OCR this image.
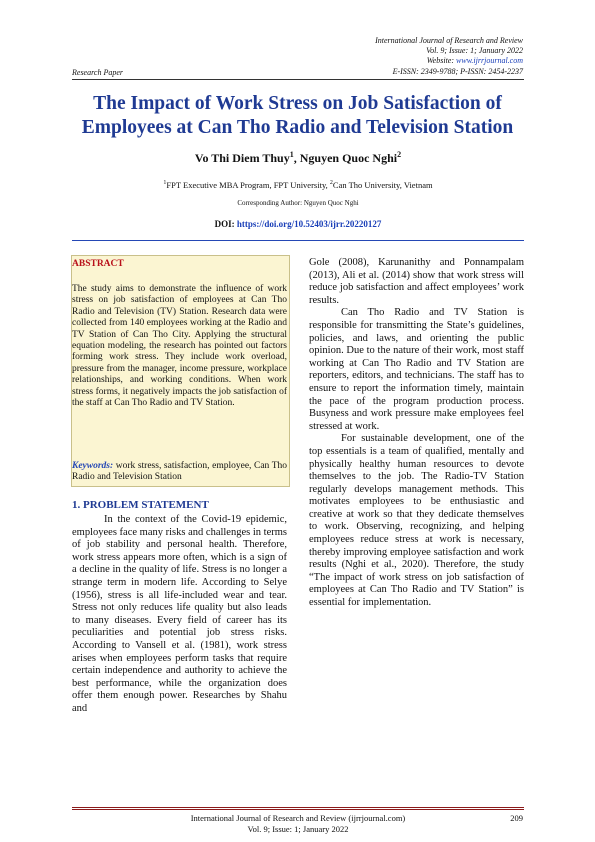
International Journal of Research and Review
Vol. 9; Issue: 1; January 2022
Website: www.ijrrjournal.com
E-ISSN: 2349-9788; P-ISSN: 2454-2237
Research Paper
The Impact of Work Stress on Job Satisfaction of Employees at Can Tho Radio and Television Station
Vo Thi Diem Thuy$^1$, Nguyen Quoc Nghi$^2$
$^1$FPT Executive MBA Program, FPT University, $^2$Can Tho University, Vietnam
Corresponding Author: Nguyen Quoc Nghi
DOI: https://doi.org/10.52403/ijrr.20220127
ABSTRACT
The study aims to demonstrate the influence of work stress on job satisfaction of employees at Can Tho Radio and Television (TV) Station. Research data were collected from 140 employees working at the Radio and TV Station of Can Tho City. Applying the structural equation modeling, the research has pointed out factors forming work stress. They include work overload, pressure from the manager, income pressure, workplace relationships, and working conditions. When work stress forms, it negatively impacts the job satisfaction of the staff at Can Tho Radio and TV Station.
Keywords: work stress, satisfaction, employee, Can Tho Radio and Television Station
1. PROBLEM STATEMENT

In the context of the Covid-19 epidemic, employees face many risks and challenges in terms of job stability and personal health. Therefore, work stress appears more often, which is a sign of a decline in the quality of life. Stress is no longer a strange term in modern life. According to Selye (1956), stress is all life-included wear and tear. Stress not only reduces life quality but also leads to many diseases. Every field of career has its peculiarities and potential job stress risks. According to Vansell et al. (1981), work stress arises when employees perform tasks that require certain independence and authority to achieve the best performance, while the organization does offer them enough power. Researches by Shahu and

Gole (2008), Karunanithy and Ponnampalam (2013), Ali et al. (2014) show that work stress will reduce job satisfaction and affect employees’ work results.

Can Tho Radio and TV Station is responsible for transmitting the State’s guidelines, policies, and laws, and orienting the public opinion. Due to the nature of their work, most staff working at Can Tho Radio and TV Station are reporters, editors, and technicians. The staff has to ensure to report the information timely, maintain the pace of the program production process. Busyness and work pressure make employees feel stressed at work.

For sustainable development, one of the top essentials is a team of qualified, mentally and physically healthy human resources to devote themselves to the job. The Radio-TV Station regularly develops management methods. This motivates employees to be enthusiastic and creative at work so that they dedicate themselves to work. Observing, recognizing, and helping employees reduce stress at work is necessary, thereby improving employee satisfaction and work results (Nghi et al., 2020). Therefore, the study “The impact of work stress on job satisfaction of employees at Can Tho Radio and TV Station” is essential for implementation.

International Journal of Research and Review (ijrrjournal.com)
Vol. 9; Issue: 1; January 2022
209
